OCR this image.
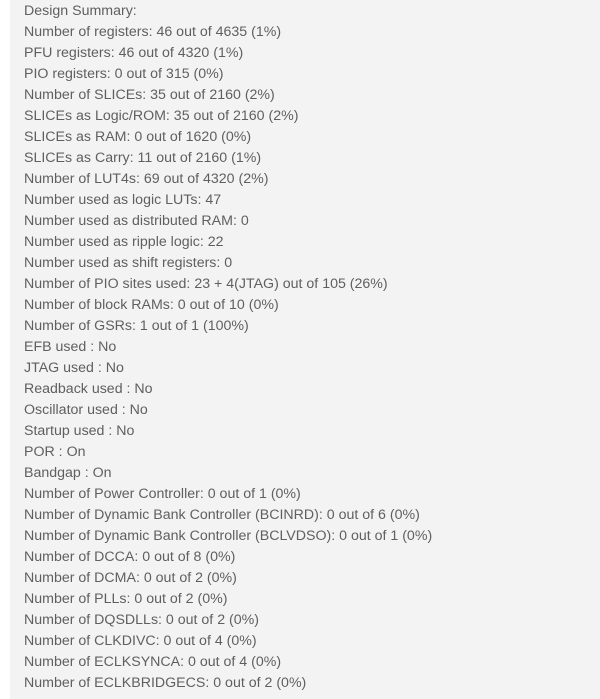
Design Summary:
Number of registers: 46 out of 4635 (1%)
PFU registers: 46 out of 4320 (1%)
PIO registers: 0 out of 315 (0%)
Number of SLICEs: 35 out of 2160 (2%)
SLICEs as Logic/ROM: 35 out of 2160 (2%)
SLICEs as RAM: 0 out of 1620 (0%)
SLICEs as Carry: 11 out of 2160 (1%)
Number of LUT4s: 69 out of 4320 (2%)
Number used as logic LUTs: 47
Number used as distributed RAM: 0
Number used as ripple logic: 22
Number used as shift registers: 0
Number of PIO sites used: 23 + 4(JTAG) out of 105 (26%)
Number of block RAMs: 0 out of 10 (0%)
Number of GSRs: 1 out of 1 (100%)
EFB used : No
JTAG used : No
Readback used : No
Oscillator used : No
Startup used : No
POR : On
Bandgap : On
Number of Power Controller: 0 out of 1 (0%)
Number of Dynamic Bank Controller (BCINRD): 0 out of 6 (0%)
Number of Dynamic Bank Controller (BCLVDSO): 0 out of 1 (0%)
Number of DCCA: 0 out of 8 (0%)
Number of DCMA: 0 out of 2 (0%)
Number of PLLs: 0 out of 2 (0%)
Number of DQSDLLs: 0 out of 2 (0%)
Number of CLKDIVC: 0 out of 4 (0%)
Number of ECLKSYNCA: 0 out of 4 (0%)
Number of ECLKBRIDGECS: 0 out of 2 (0%)
